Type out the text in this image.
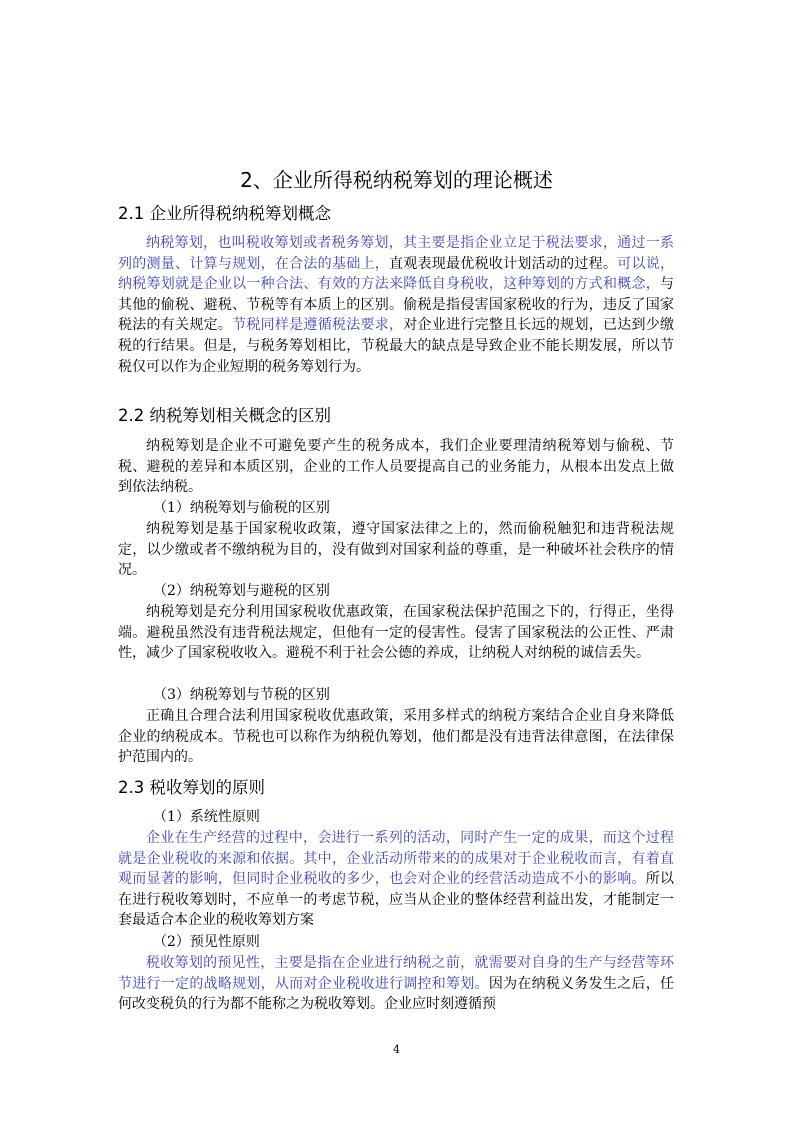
2、企业所得税纳税筹划的理论概述
2.1 企业所得税纳税筹划概念
纳税筹划，也叫税收筹划或者税务筹划，其主要是指企业立足于税法要求，通过一系列的测量、计算与规划，在合法的基础上，直观表现最优税收计划活动的过程。可以说，纳税筹划就是企业以一种合法、有效的方法来降低自身税收，这种筹划的方式和概念，与其他的偷税、避税、节税等有本质上的区别。偷税是指侵害国家税收的行为，违反了国家税法的有关规定。节税同样是遵循税法要求，对企业进行完整且长远的规划，已达到少缴税的行结果。但是，与税务筹划相比，节税最大的缺点是导致企业不能长期发展，所以节税仅可以作为企业短期的税务筹划行为。
2.2 纳税筹划相关概念的区别
纳税筹划是企业不可避免要产生的税务成本，我们企业要理清纳税筹划与偷税、节税、避税的差异和本质区别，企业的工作人员要提高自己的业务能力，从根本出发点上做到依法纳税。
（1）纳税筹划与偷税的区别
纳税筹划是基于国家税收政策，遵守国家法律之上的，然而偷税触犯和违背税法规定，以少缴或者不缴纳税为目的，没有做到对国家利益的尊重，是一种破坏社会秩序的情况。
（2）纳税筹划与避税的区别
纳税筹划是充分利用国家税收优惠政策，在国家税法保护范围之下的，行得正，坐得端。避税虽然没有违背税法规定，但他有一定的侵害性。侵害了国家税法的公正性、严肃性，减少了国家税收收入。避税不利于社会公德的养成，让纳税人对纳税的诚信丢失。
（3）纳税筹划与节税的区别
正确且合理合法利用国家税收优惠政策，采用多样式的纳税方案结合企业自身来降低企业的纳税成本。节税也可以称作为纳税仇筹划，他们都是没有违背法律意图，在法律保护范围内的。
2.3 税收筹划的原则
（1）系统性原则
企业在生产经营的过程中，会进行一系列的活动，同时产生一定的成果，而这个过程就是企业税收的来源和依据。其中，企业活动所带来的的成果对于企业税收而言，有着直观而显著的影响，但同时企业税收的多少，也会对企业的经营活动造成不小的影响。所以在进行税收筹划时，不应单一的考虑节税，应当从企业的整体经营利益出发，才能制定一套最适合本企业的税收筹划方案
（2）预见性原则
税收筹划的预见性，主要是指在企业进行纳税之前，就需要对自身的生产与经营等环节进行一定的战略规划，从而对企业税收进行调控和筹划。因为在纳税义务发生之后，任何改变税负的行为都不能称之为税收筹划。企业应时刻遵循预
4
